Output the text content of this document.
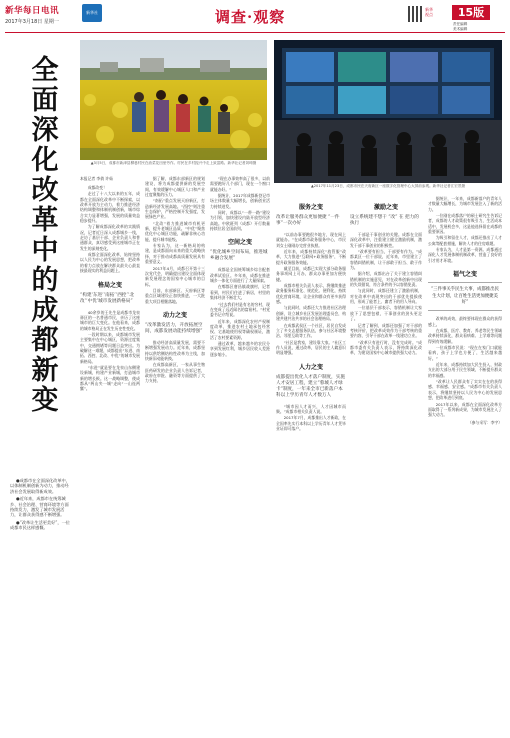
新华每日电讯
2017年3月18日 星期一
新华社	调查·观察	新华
视点	15版
责任编辑
美术编辑
全
面
深
化
改
革
中
的
成
都
新
变

●成都市在全面深化改革中，以体制机制创新为动力，推动经济社会发展取得新成效。

●近年来，成都市在统筹城乡、社会治理、营商环境等方面持续发力，激发了城市发展活力，让群众获得感不断增强。

●“改革让生活更美好”，一位成都市民这样感慨。

▲3月5日，成都市新津县柳巷村民在油菜花田里劳作。村民在乡村振兴中走上致富路。新华社记者刘坤摄
▲2017年11月23日，成都市民在天府新区一座数字化管理中心大屏前参观。新华社记者江宏景摄
本报记者 李倩 许茹

成都改变！

走过了十八大以来的五年，成都在全面深化改革中不断探索，以改革开放为主动力，着力推进经济结构调整和体制机制创新，城市综合实力显著增强，发展的质量效益稳步提升。

为了解成都深化改革的实践情况，记者近日深入成都城乡一线，走访了基层干部、企业负责人和普通群众，真切感受到这座城市正在发生的深刻变化。

成都全面深化改革，始终坚持以人民为中心的发展思想，把改革的着力点放在解决群众最关心最直接最现实的利益问题上。

格局之变
“构建‘东进’‘南拓’‘西控’‘北改’‘中优’城市发展新格局”

40余岁的王先生是成都市龙泉驿区的一名普通市民，亲历了这座城市的巨大变化。在他看来，成都的城市格局正在发生历史性变化。

一段时期以来，成都城市发展主要集中在中心城区，资源过度集中，交通拥堵等问题日益突出。为破解这一难题，成都提出“东进、南拓、西控、北改、中优”的城市发展新格局。

“东进”就是要在龙泉山东侧建设新城，构建产业新城，打造城市新的增长极。这一战略调整，使成都从“两山夹一城”走向“一山连两翼”。

据了解，成都东部新区的规划建设，将为成都提供新的发展空间，有效缓解中心城区人口和产业过度聚集的压力。

“南拓”重点发展天府新区，打造新经济发展高地。“西控”则注重生态保护，严格控制开发强度，发展绿色产业。

“北改”着力推进城市有机更新，提升老城区品质。“中优”聚焦优化中心城区功能，疏解非核心功能，提升城市能级。

专家认为，这一新格局的构建，是成都面向未来的重大战略抉择，对于推动成都高质量发展具有重要意义。

2017年4月，成都召开第十三次党代会，明确提出建设全面体现新发展理念的国家中心城市的目标。

目前，东部新区、天府新区等重点区域建设正加快推进，一大批重大项目相继落地。

动力之变
“改革激发活力，开放拓展空间，成都发展动能持续增强”

推动经济高质量发展，需要不断增强发展动力。近年来，成都坚持以供给侧结构性改革为主线，加快新旧动能转换。

在成都高新区，一家从事生物医药研发的企业负责人告诉记者，政府在审批、融资等方面提供了大力支持。

“现在办事效率高了很多，以前需要跑好几个部门，现在一个窗口就能办好。”

据统计，2017年成都新登记市场主体数量大幅增长，创新创业活力持续迸发。

同时，成都以“一带一路”建设为引领，加快建设内陆开放型经济高地。中欧班列（成都）开行数量持续位居全国前列。

空间之变
“优化城乡空间布局，推进城乡融合发展”

成都是全国统筹城乡综合配套改革试验区。多年来，成都在推进城乡一体化方面进行了大量探索。

在郫都区唐昌镇战旗村，记者看到，村民们住进了新居，村里的集体经济不断壮大。

“过去我们村是有名的穷村，现在变成了远近闻名的富裕村。”村党委书记介绍说。

近年来，成都深化农村产权制度改革，推进农村土地承包经营权、宅基地使用权等确权颁证，激活了农村要素资源。

通过改革，越来越多的农民分享到发展红利，城乡居民收入差距逐步缩小。

服务之变
改革让服务群众更加便捷 “一件事”一次办好

“以前办事要跑很多地方，现在网上就能办。”在成都市政务服务中心，市民刘女士刚刚办完营业执照。

近年来，成都持续深化“放管服”改革，大力推进“互联网+政务服务”，不断提升政务服务效能。

截至目前，成都已实现大部分政务服务事项网上可办，群众办事更加方便快捷。

成都市相关负责人表示，将继续推进政务服务标准化、规范化、便利化，持续优化营商环境，让企业和群众有更多获得感。

与此同时，成都还大力推进社区治理创新，设立城乡社区发展治理委员会，构建共建共治共享的社会治理格局。

在成都武侯区一个社区，居民自发成立了多支志愿服务队伍，参与社区环境整治、邻里互助等工作。

“社区是我家，建设靠大家。”社区工作人员说，通过改革，居民的主人翁意识明显增强。

人力之变
成都提出优化人才落户制度，实施人才安居工程，建立“蓉城人才绿卡”制度，一年来全市已新落户本科以上学历青年人才数万人

“城市因人才而兴，人才因城市而聚。”成都市相关负责人说。

2017年7月，成都推出人才新政，在全国率先实行本科以上学历青年人才凭毕业证即可落户。

激励之变
设立系统建不想干 “改” 在 把力的执行

干部是干事创业的关键。成都在全面深化改革中，注重建立健全激励机制，激发干部干事创业的积极性。

“改革要有担当，干部要有作为。”成都某区一位干部说，近年来，市里建立了容错纠错机制，让干部敢于担当、敢于作为。

据介绍，成都出台了关于建立容错纠错机制的实施意见，对在改革创新中出现的失误错误，符合条件的予以容错免责。

与此同时，成都还建立了激励机制，对在改革中表现突出的干部优先提拔使用，形成了能者上、庸者下的用人导向。

一位基层干部表示，容错机制让大家放下了思想包袱，干事创业的劲头更足了。

记者了解到，成都还加强了对干部的考核评价，把改革成效作为干部考核的重要内容，引导干部在改革一线建功立业。

“改革只有进行时，没有完成时。”成都市委有关负责人表示，将持续深化改革，为建设国家中心城市提供强大动力。

据统计，一年来，成都新落户的青年人才数量大幅增长，为城市发展注入了新的活力。

一位刚在成都落户的硕士研究生告诉记者，成都的人才政策很有吸引力，生活成本适中，发展机会多，这是他选择留在成都的重要原因。

为吸引和留住人才，成都还推出了人才公寓等配套措施，解决人才的住房难题。

专家认为，人才是第一资源。成都通过深化人才发展体制机制改革，营造了良好的引才用才环境。

福气之变
“三件事关乎民生大事，成都推出民生大计划，让百姓生活更加便捷美好”

改革的成效，最终要体现在群众的获得感上。

在成都，医疗、教育、养老等民生领域改革持续深化，群众看病难、上学难等问题得到有效缓解。

一位成都市民说：“现在在家门口就能看病，孩子上学也方便了，生活越来越好。”

近年来，成都持续加大民生投入，财政支出的大部分用于民生领域，不断提升群众的幸福感。

“改革让人民群众有了实实在在的获得感、幸福感、安全感。”成都市有关负责人表示，将继续坚持以人民为中心的发展思想，把改革进行到底。

2017年以来，成都在全面深化改革方面取得了一系列新成果，为城市发展注入了强大动力。

（参与采写：李宇）
